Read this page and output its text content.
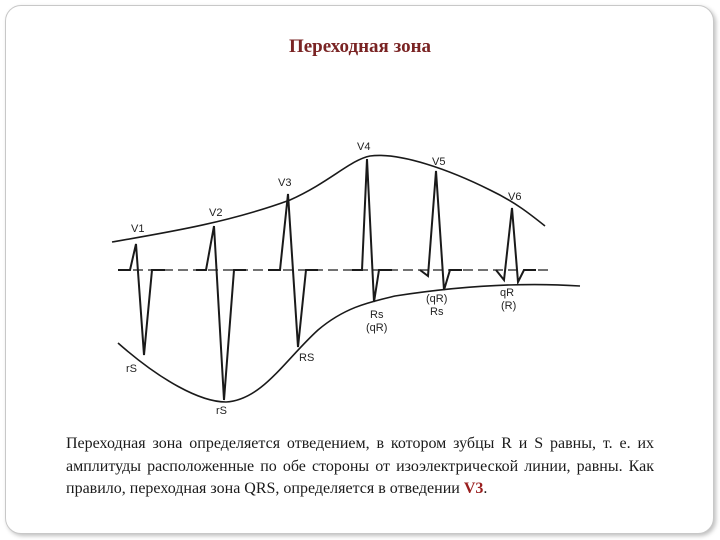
Переходная зона
V1
V2
V3
V4
V5
V6
rS
rS
RS
Rs
(qR)
(qR)
Rs
qR
(R)
Переходная зона определяется отведением, в котором зубцы R и S равны, т. е. их амплитуды расположенные по обе стороны от изоэлектрической линии, равны. Как правило, переходная зона QRS, определяется в отведении V3.
